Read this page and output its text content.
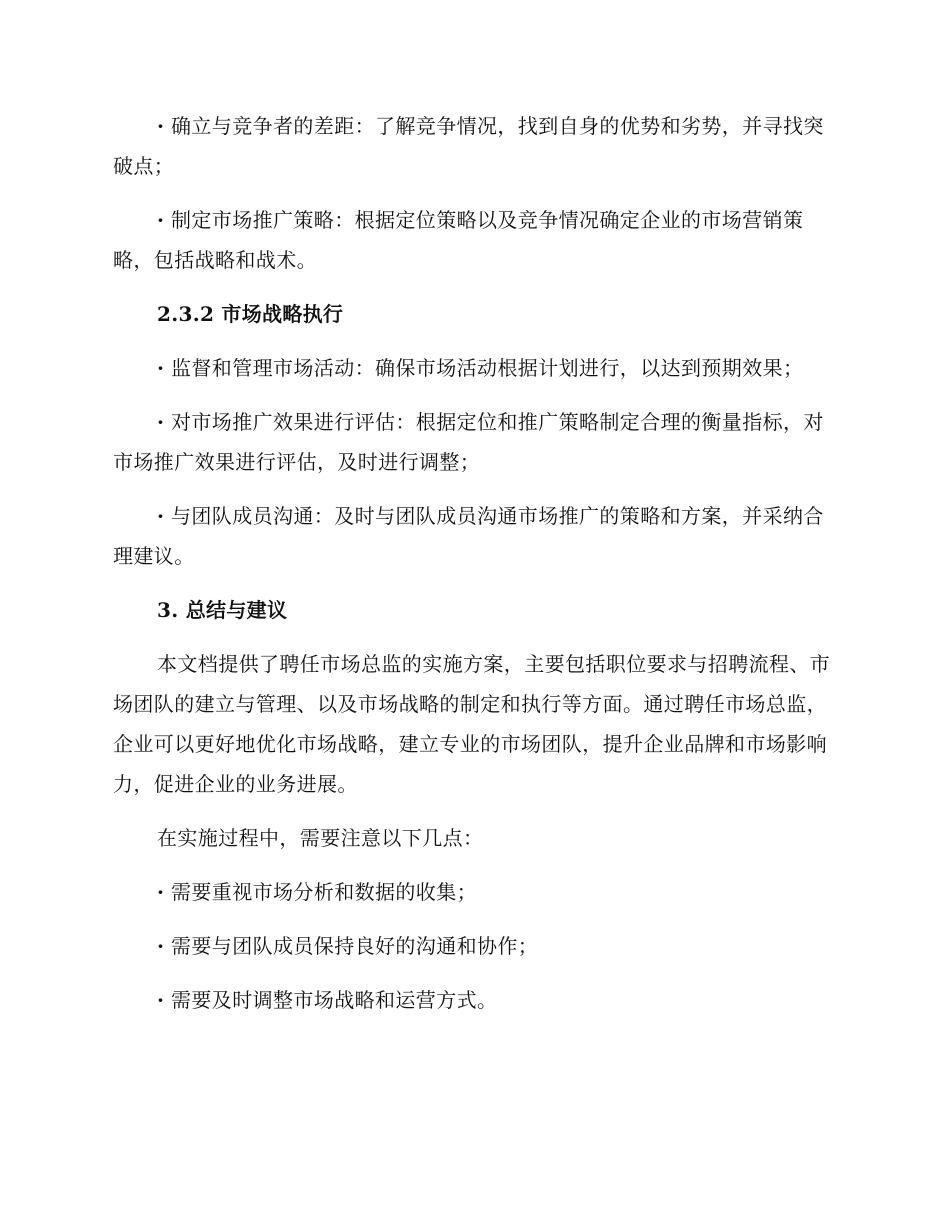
· 确立与竞争者的差距：了解竞争情况，找到自身的优势和劣势，并寻找突破点；

· 制定市场推广策略：根据定位策略以及竞争情况确定企业的市场营销策略，包括战略和战术。

2.3.2 市场战略执行

· 监督和管理市场活动：确保市场活动根据计划进行，以达到预期效果；

· 对市场推广效果进行评估：根据定位和推广策略制定合理的衡量指标，对市场推广效果进行评估，及时进行调整；

· 与团队成员沟通：及时与团队成员沟通市场推广的策略和方案，并采纳合理建议。

3. 总结与建议

本文档提供了聘任市场总监的实施方案，主要包括职位要求与招聘流程、市场团队的建立与管理、以及市场战略的制定和执行等方面。通过聘任市场总监，企业可以更好地优化市场战略，建立专业的市场团队，提升企业品牌和市场影响力，促进企业的业务进展。

在实施过程中，需要注意以下几点：

· 需要重视市场分析和数据的收集；

· 需要与团队成员保持良好的沟通和协作；

· 需要及时调整市场战略和运营方式。
